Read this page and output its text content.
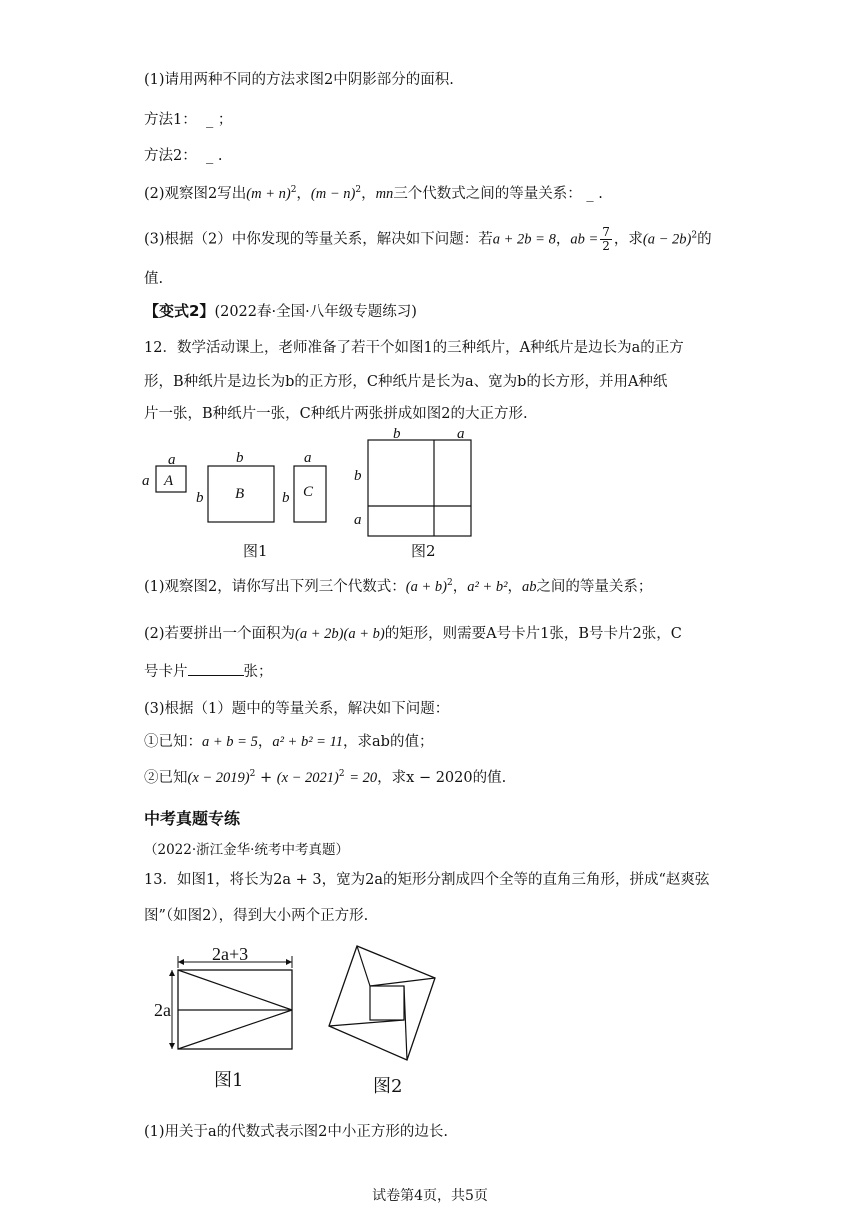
(1)请用两种不同的方法求图2中阴影部分的面积.
方法1： _ ；
方法2： _ .
(2)观察图2写出$(m + n)^2$，$(m - n)^2$，mn三个代数式之间的等量关系： _ .
(3)根据（2）中你发现的等量关系，解决如下问题：若a + 2b = 8，ab = $\frac{7}{2}$ ，求$(a - 2b)^2$的
值.
【变式2】(2022春·全国·八年级专题练习)
12．数学活动课上，老师准备了若干个如图1的三种纸片，A种纸片是边长为a的正方
形，B种纸片是边长为b的正方形，C种纸片是长为a、宽为b的长方形，并用A种纸
片一张，B种纸片一张，C种纸片两张拼成如图2的大正方形.
a
a A
b
b B
a
b C
图1
b	a
b
a
图2
(1)观察图2，请你写出下列三个代数式：$(a + b)^2$，a² + b²，ab之间的等量关系；
(2)若要拼出一个面积为(a + 2b)(a + b)的矩形，则需要A号卡片1张，B号卡片2张，C
号卡片	张；
(3)根据（1）题中的等量关系，解决如下问题：
①已知：a + b = 5，a² + b² = 11，求ab的值；
②已知$(x - 2019)^2 + (x - 2021)^2 = 20$，求x − 2020的值.
中考真题专练
（2022·浙江金华·统考中考真题）
13．如图1，将长为2a + 3，宽为2a的矩形分割成四个全等的直角三角形，拼成“赵爽弦
图”（如图2），得到大小两个正方形.
2a+3
2a
图1	图2
(1)用关于a的代数式表示图2中小正方形的边长.
试卷第4页，共5页
